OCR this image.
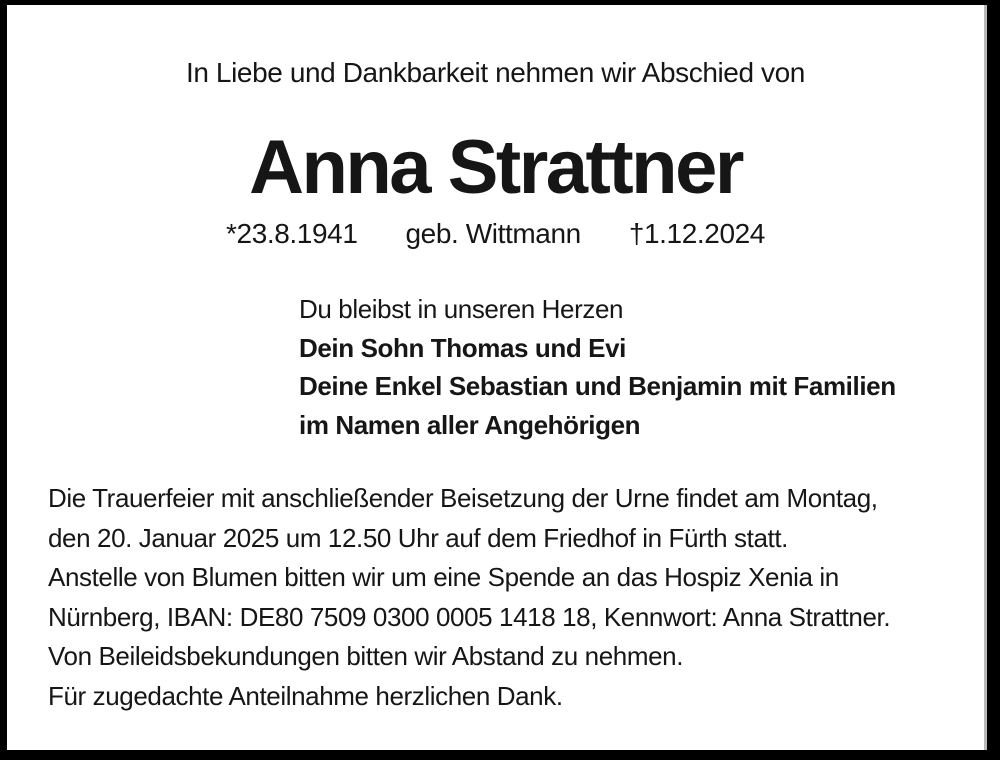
In Liebe und Dankbarkeit nehmen wir Abschied von
Anna Strattner
*23.8.1941 geb. Wittmann †1.12.2024
Du bleibst in unseren Herzen
Dein Sohn Thomas und Evi
Deine Enkel Sebastian und Benjamin mit Familien
im Namen aller Angehörigen
Die Trauerfeier mit anschließender Beisetzung der Urne findet am Montag,
den 20. Januar 2025 um 12.50 Uhr auf dem Friedhof in Fürth statt.
Anstelle von Blumen bitten wir um eine Spende an das Hospiz Xenia in
Nürnberg, IBAN: DE80 7509 0300 0005 1418 18, Kennwort: Anna Strattner.
Von Beileidsbekundungen bitten wir Abstand zu nehmen.
Für zugedachte Anteilnahme herzlichen Dank.
